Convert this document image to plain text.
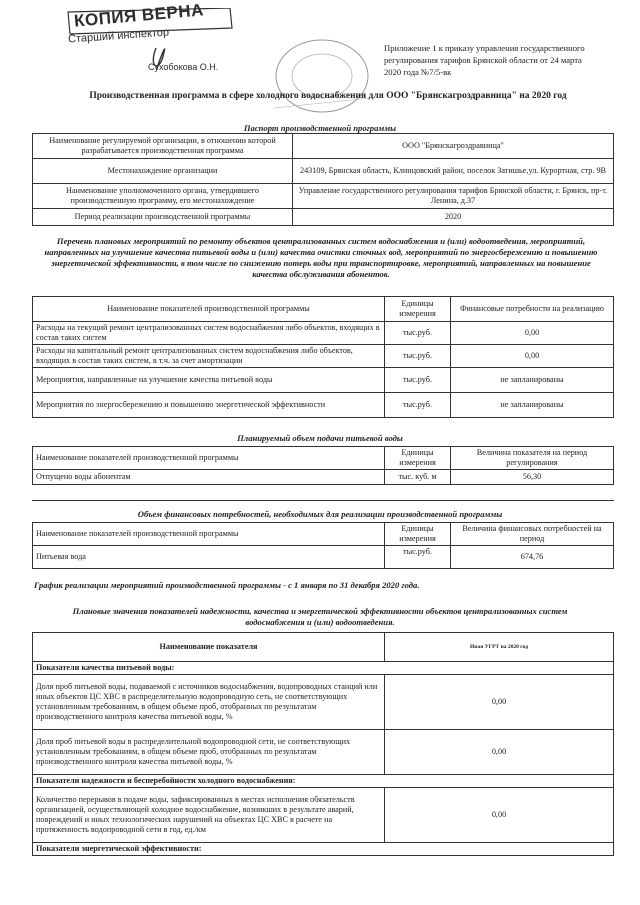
КОПИЯ ВЕРНА
Старший инспектор
Сухобокова О.Н.
Приложение 1 к приказу управления государственного
регулирования тарифов Брянской области от 24 марта
2020 года №7/5-вк
Производственная программа в сфере холодного водоснабжения для ООО "Брянскагроздравница" на 2020 год
Паспорт производственной программы
Наименование регулируемой организации, в отношении которой разрабатывается производственная программа	ООО "Брянскагроздравница"
Местонахождение организации	243109, Брянская область, Клинцовский район, поселок Затишье,ул. Курортная, стр. 9В
Наименование уполномоченного органа, утвердившего производственную программу, его местонахождение	Управление государственного регулирования тарифов Брянской области, г. Брянск, пр-т. Ленина, д.37
Период реализации производственной программы	2020
Перечень плановых мероприятий по ремонту объектов централизованных систем водоснабжения и (или) водоотведения, мероприятий, направленных на улучшение качества питьевой воды и (или) качества очистки сточных вод, мероприятий по энергосбережению и повышению энергетической эффективности, в том числе по снижению потерь воды при транспортировке, мероприятий, направленных на повышение качества обслуживания абонентов.
Наименование показателей производственной программы	Единицы измерения	Финансовые потребности на реализацию
Расходы на текущий ремонт централизованных систем водоснабжения либо объектов, входящих в состав таких систем	тыс.руб.	0,00
Расходы на капитальный ремонт централизованных систем водоснабжения либо объектов, входящих в состав таких систем, в т.ч. за счет амортизации	тыс.руб.	0,00
Мероприятия, направленные на улучшение качества питьевой воды	тыс.руб.	не запланированы
Мероприятия по энергосбережению и повышению энергетической эффективности	тыс.руб.	не запланированы
Планируемый объем подачи питьевой воды
Наименование показателей производственной программы	Единицы измерения	Величина показателя на период регулирования
Отпущено воды абонентам	тыс. куб. м	56,30
Объем финансовых потребностей, необходимых для реализации производственной программы
Наименование показателей производственной программы	Единицы измерения	Величина финансовых потребностей на период
Питьевая вода	тыс.руб.	674,76
График реализации мероприятий производственной программы - с 1 января по 31 декабря 2020 года.
Плановые значения показателей надежности, качества и энергетической эффективности объектов централизованных систем водоснабжения и (или) водоотведения.
Наименование показателя	Иная УГРТ на 2020 год
Показатели качества питьевой воды:	
Доля проб питьевой воды, подаваемой с источников водоснабжения, водопроводных станций или иных объектов ЦС ХВС в распределительную водопроводную сеть, не соответствующих установленным требованиям, в общем объеме проб, отобранных по результатам производственного контроля качества питьевой воды, %	0,00
Доля проб питьевой воды в распределительной водопроводной сети, не соответствующих установленным требованиям, в общем объеме проб, отобранных по результатам производственного контроля качества питьевой воды, %	0,00
Показатели надежности и бесперебойности холодного водоснабжения:	
Количество перерывов в подаче воды, зафиксированных в местах исполнения обязательств организацией, осуществляющей холодное водоснабжение, возникших в результате аварий, повреждений и иных технологических нарушений на объектах ЦС ХВС в расчете на протяженность водопроводной сети в год, ед./км	0,00
Показатели энергетической эффективности:	
